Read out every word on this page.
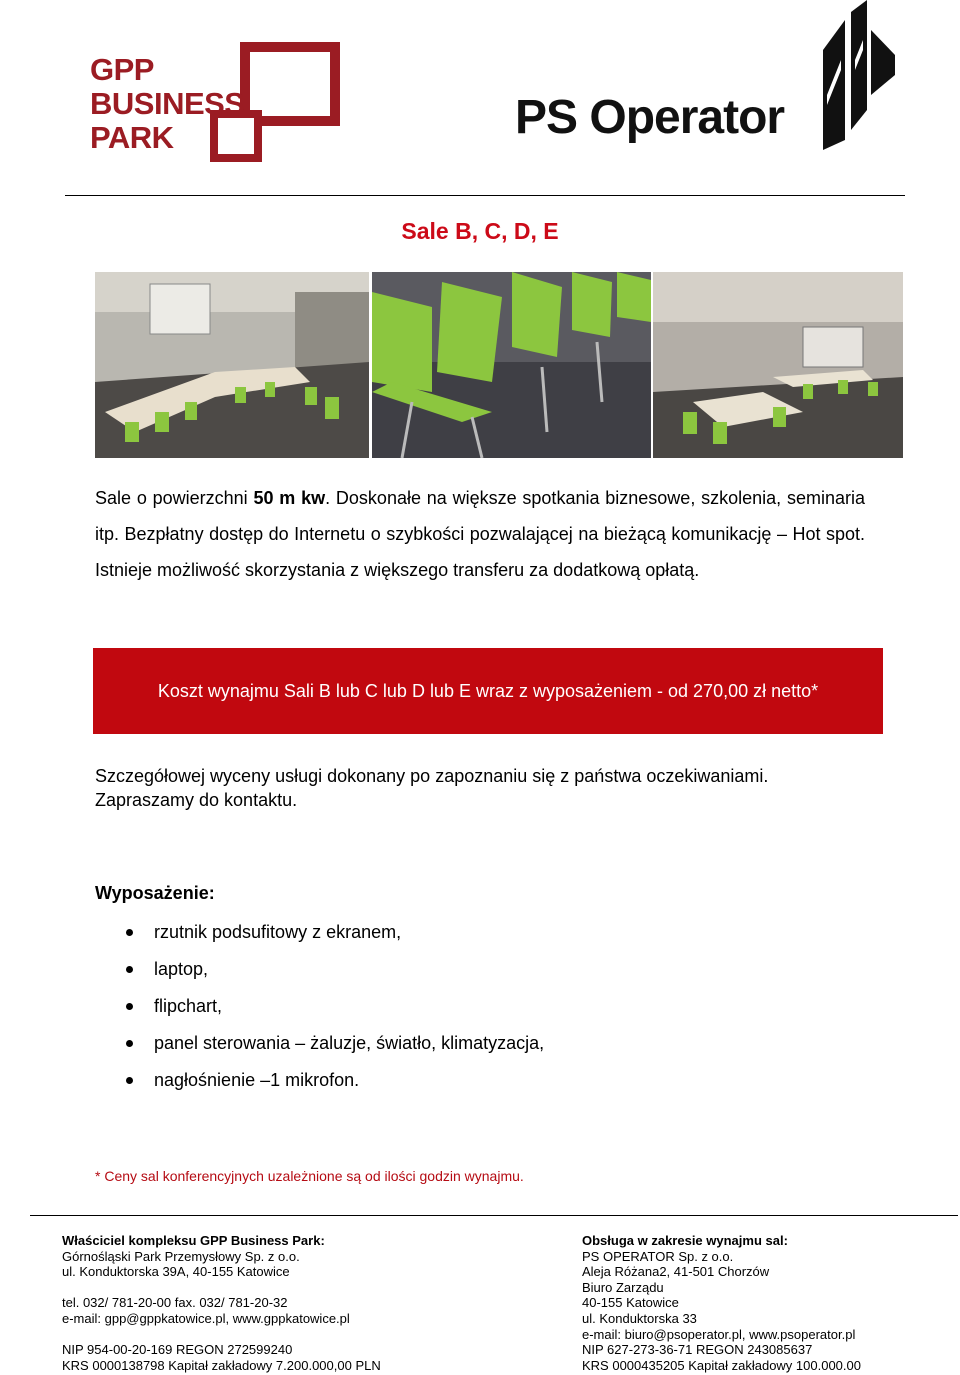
GPP
BUSINESS
PARK	PS Operator
Sale B, C, D, E
Sale o powierzchni 50 m kw. Doskonałe na większe spotkania biznesowe, szkolenia, seminaria itp. Bezpłatny dostęp do Internetu o szybkości pozwalającej na bieżącą komunikację – Hot spot. Istnieje możliwość skorzystania z większego transferu za dodatkową opłatą.
Koszt wynajmu Sali B lub C lub D lub E wraz z wyposażeniem - od 270,00 zł netto*
Szczegółowej wyceny usługi dokonany po zapoznaniu się z państwa oczekiwaniami.
Zapraszamy do kontaktu.
Wyposażenie:
rzutnik podsufitowy z ekranem,
laptop,
flipchart,
panel sterowania – żaluzje, światło, klimatyzacja,
nagłośnienie –1 mikrofon.
* Ceny sal konferencyjnych uzależnione są od ilości godzin wynajmu.
Właściciel kompleksu GPP Business Park:
Górnośląski Park Przemysłowy Sp. z o.o.
ul. Konduktorska 39A, 40-155 Katowice
tel. 032/ 781-20-00 fax. 032/ 781-20-32
e-mail: gpp@gppkatowice.pl, www.gppkatowice.pl
NIP 954-00-20-169 REGON 272599240
KRS 0000138798 Kapitał zakładowy 7.200.000,00 PLN
Obsługa w zakresie wynajmu sal:
PS OPERATOR Sp. z o.o.
Aleja Różana2, 41-501 Chorzów
Biuro Zarządu
40-155 Katowice
ul. Konduktorska 33
e-mail: biuro@psoperator.pl, www.psoperator.pl
NIP 627-273-36-71 REGON 243085637
KRS 0000435205 Kapitał zakładowy 100.000.00
